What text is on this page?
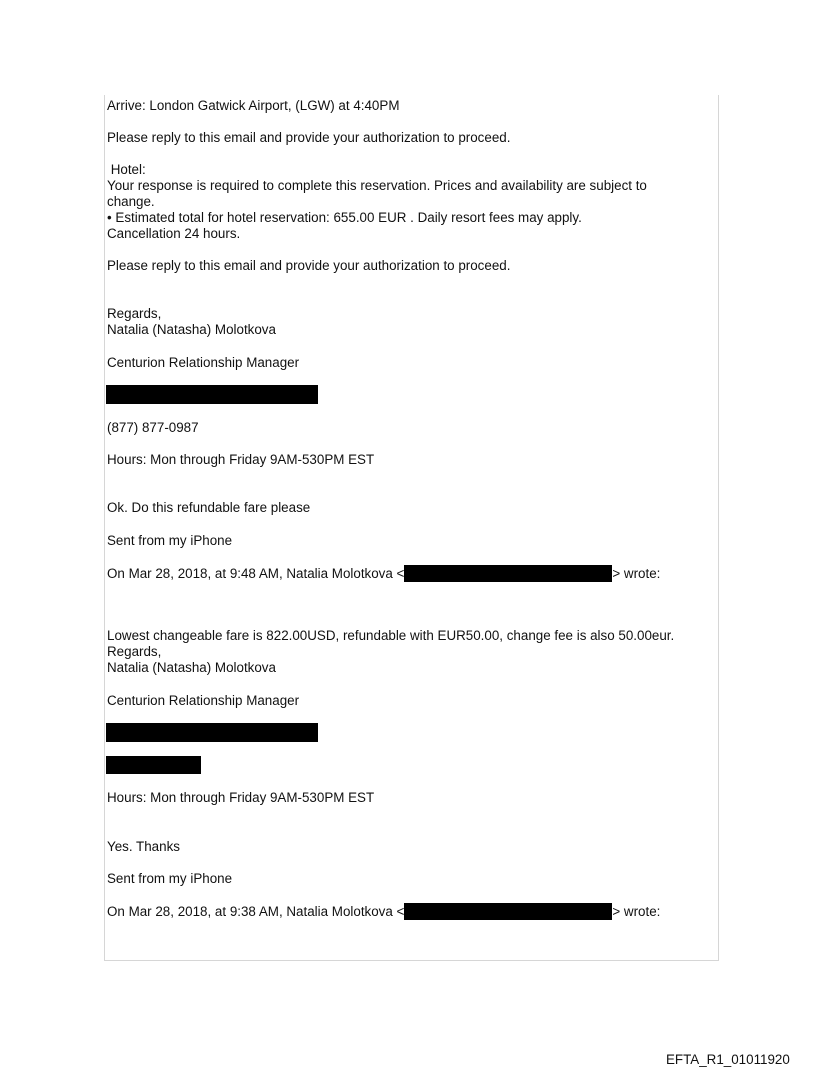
Arrive: London Gatwick Airport, (LGW) at 4:40PM
Please reply to this email and provide your authorization to proceed.
Hotel:
Your response is required to complete this reservation. Prices and availability are subject to
change.
• Estimated total for hotel reservation: 655.00 EUR . Daily resort fees may apply.
Cancellation 24 hours.
Please reply to this email and provide your authorization to proceed.
Regards,
Natalia (Natasha) Molotkova
Centurion Relationship Manager
(877) 877-0987
Hours: Mon through Friday 9AM-530PM EST
Ok. Do this refundable fare please
Sent from my iPhone
On Mar 28, 2018, at 9:48 AM, Natalia Molotkova <	> wrote:
Lowest changeable fare is 822.00USD, refundable with EUR50.00, change fee is also 50.00eur.
Regards,
Natalia (Natasha) Molotkova
Centurion Relationship Manager
Hours: Mon through Friday 9AM-530PM EST
Yes. Thanks
Sent from my iPhone
On Mar 28, 2018, at 9:38 AM, Natalia Molotkova <	> wrote:
EFTA_R1_01011920
